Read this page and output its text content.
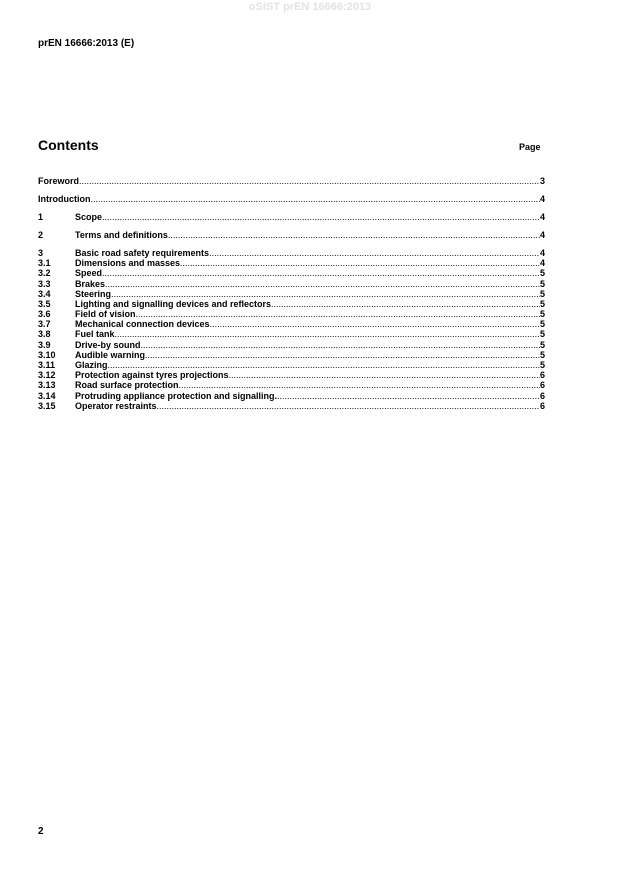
oSIST prEN 16666:2013
prEN 16666:2013 (E)
Contents	Page
Foreword .....	3
Introduction .....	4
1	Scope .....	4
2	Terms and definitions .....	4
3	Basic road safety requirements .....	4
3.1	Dimensions and masses .....	4
3.2	Speed .....	5
3.3	Brakes .....	5
3.4	Steering .....	5
3.5	Lighting and signalling devices and reflectors .....	5
3.6	Field of vision .....	5
3.7	Mechanical connection devices .....	5
3.8	Fuel tank .....	5
3.9	Drive-by sound .....	5
3.10	Audible warning .....	5
3.11	Glazing .....	5
3.12	Protection against tyres projections .....	6
3.13	Road surface protection .....	6
3.14	Protruding appliance protection and signalling. .....	6
3.15	Operator restraints .....	6
2
